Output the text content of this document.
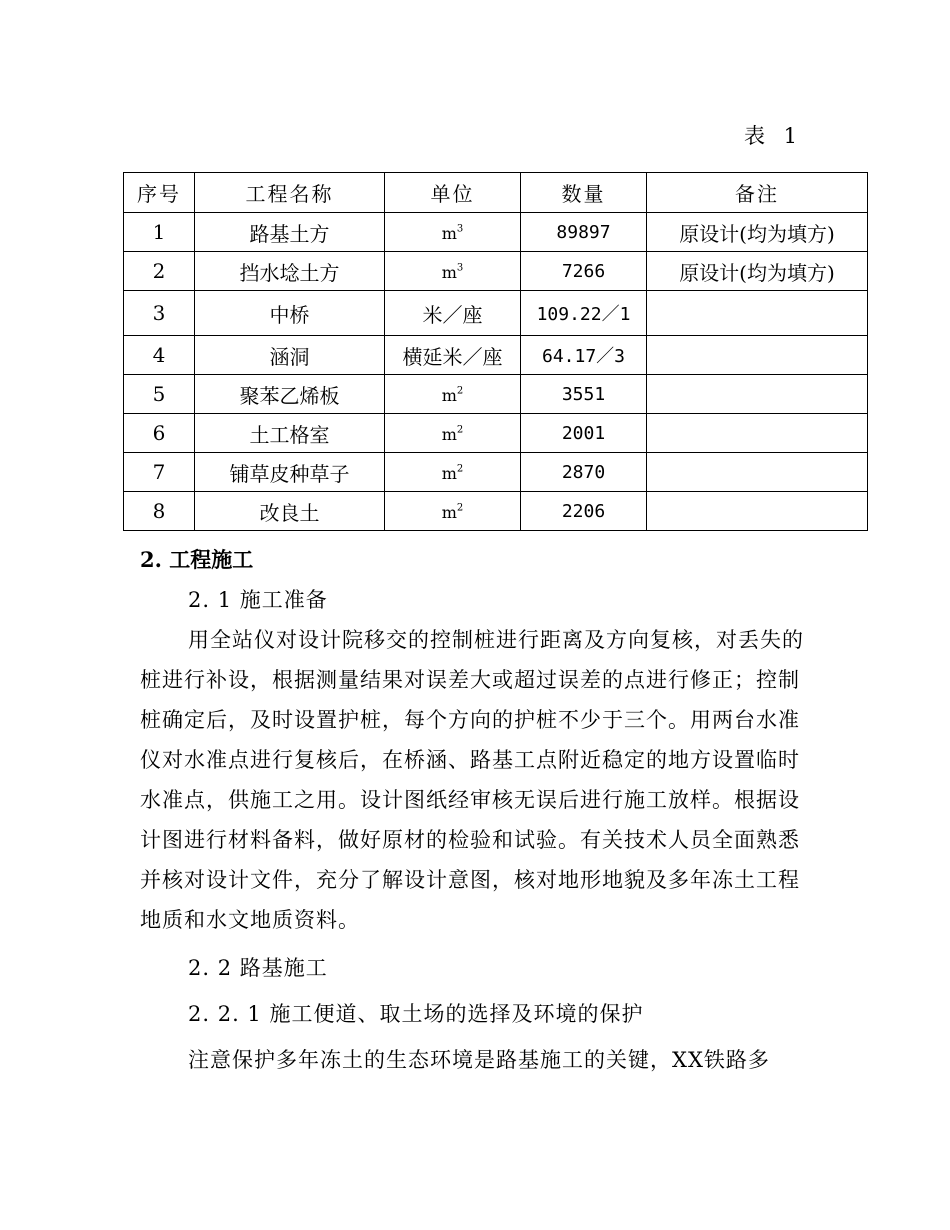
表 1
序号	工程名称	单位	数量	备注
1	路基土方	$m^3$	89897	原设计(均为填方)
2	挡水埝土方	$m^3$	7266	原设计(均为填方)
3	中桥	米／座	109.22／1	
4	涵洞	横延米／座	64.17／3	
5	聚苯乙烯板	$m^2$	3551	
6	土工格室	$m^2$	2001	
7	铺草皮种草子	$m^2$	2870	
8	改良土	$m^2$	2206	
2. 工程施工
2. 1 施工准备

用全站仪对设计院移交的控制桩进行距离及方向复核，对丢失的桩进行补设，根据测量结果对误差大或超过误差的点进行修正；控制桩确定后，及时设置护桩，每个方向的护桩不少于三个。用两台水准仪对水准点进行复核后，在桥涵、路基工点附近稳定的地方设置临时水准点，供施工之用。设计图纸经审核无误后进行施工放样。根据设计图进行材料备料，做好原材的检验和试验。有关技术人员全面熟悉并核对设计文件，充分了解设计意图，核对地形地貌及多年冻土工程地质和水文地质资料。

2. 2 路基施工
2. 2. 1 施工便道、取土场的选择及环境的保护

注意保护多年冻土的生态环境是路基施工的关键，XX铁路多
